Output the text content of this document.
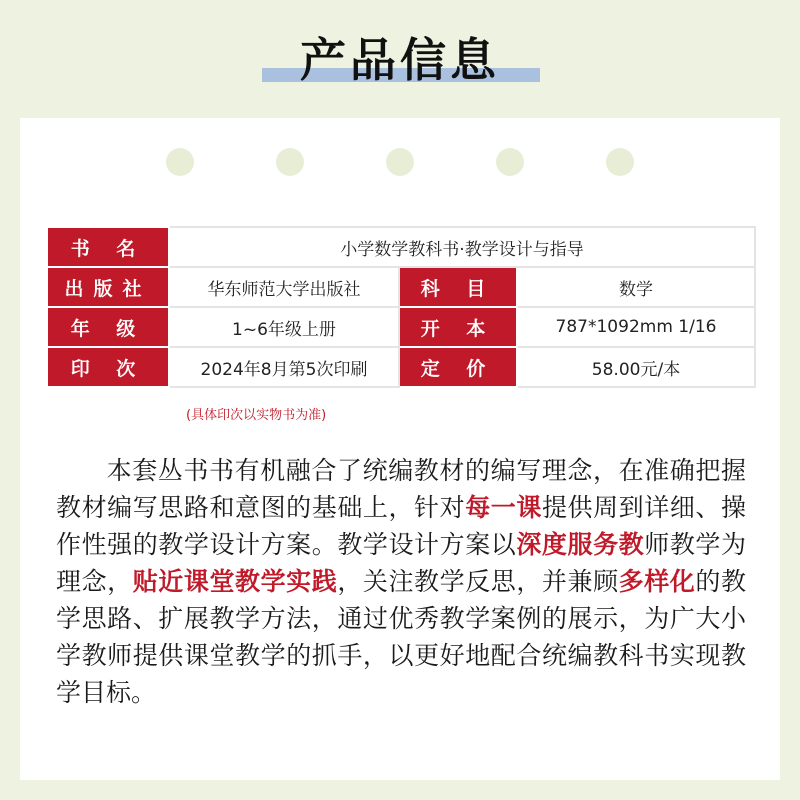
产品信息
书 名	小学数学教科书·教学设计与指导		
出版社	华东师范大学出版社	科 目	数学
年 级	1~6年级上册	开 本	787*1092mm 1/16
印 次	2024年8月第5次印刷	定 价	58.00元/本
(具体印次以实物书为准)

本套丛书书有机融合了统编教材的编写理念，在准确把握教材编写思路和意图的基础上，针对每一课提供周到详细、操作性强的教学设计方案。教学设计方案以深度服务教师教学为理念，贴近课堂教学实践，关注教学反思，并兼顾多样化的教学思路、扩展教学方法，通过优秀教学案例的展示，为广大小学教师提供课堂教学的抓手，以更好地配合统编教科书实现教学目标。
